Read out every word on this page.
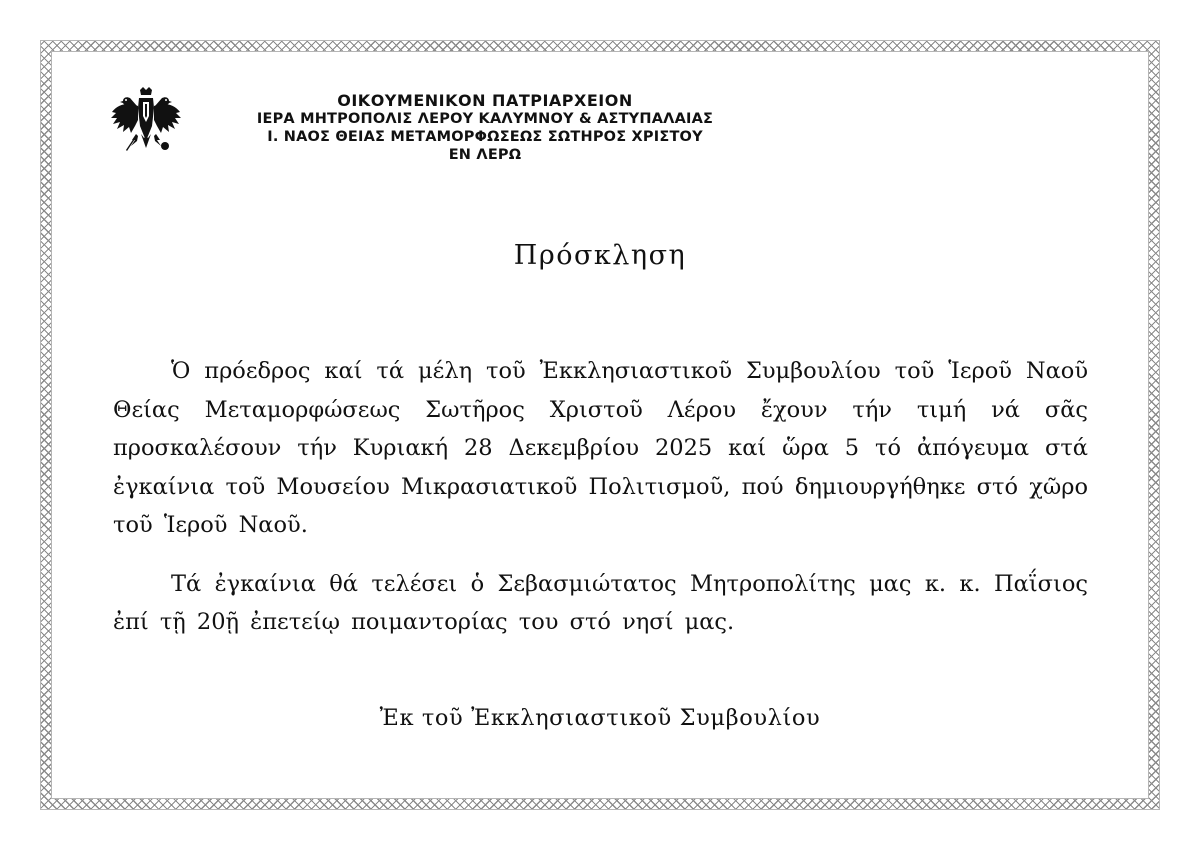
ΟΙΚΟΥΜΕΝΙΚΟΝ ΠΑΤΡΙΑΡΧΕΙΟΝ
ΙΕΡΑ ΜΗΤΡΟΠΟΛΙΣ ΛΕΡΟΥ ΚΑΛΥΜΝΟΥ & ΑΣΤΥΠΑΛΑΙΑΣ
Ι. ΝΑΟΣ ΘΕΙΑΣ ΜΕΤΑΜΟΡΦΩΣΕΩΣ ΣΩΤΗΡΟΣ ΧΡΙΣΤΟΥ
ΕΝ ΛΕΡΩ
Πρόσκληση

Ὁ πρόεδρος καί τά μέλη τοῦ Ἐκκλησιαστικοῦ Συμβουλίου τοῦ Ἱεροῦ Ναοῦ Θείας Μεταμορφώσεως Σωτῆρος Χριστοῦ Λέρου ἔχουν τήν τιμή νά σᾶς προσκαλέσουν τήν Κυριακή 28 Δεκεμβρίου 2025 καί ὥρα 5 τό ἀπόγευμα στά ἐγκαίνια τοῦ Μουσείου Μικρασιατικοῦ Πολιτισμοῦ, πού δημιουργήθηκε στό χῶρο τοῦ Ἱεροῦ Ναοῦ.

Τά ἐγκαίνια θά τελέσει ὁ Σεβασμιώτατος Μητροπολίτης μας κ. κ. Παΐσιος ἐπί τῇ 20ῇ ἐπετείῳ ποιμαντορίας του στό νησί μας.

Ἐκ τοῦ Ἐκκλησιαστικοῦ Συμβουλίου
